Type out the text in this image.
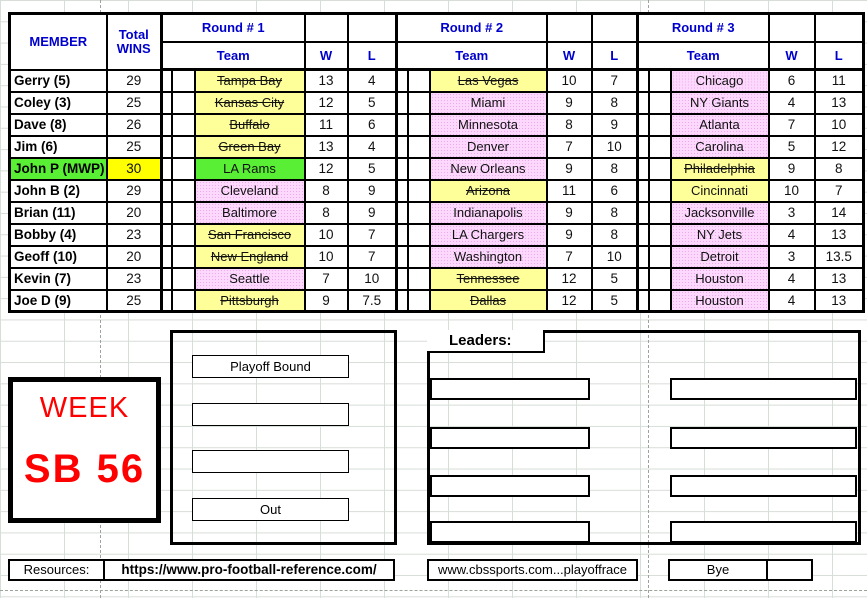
MEMBER	Total
WINS	Round # 1					Round # 2					Round # 3				
		Team			W	L	Team			W	L	Team			W	L
Gerry (5)	29			Tampa Bay	13	4			Las Vegas	10	7			Chicago	6	11
Coley (3)	25			Kansas City	12	5			Miami	9	8			NY Giants	4	13
Dave (8)	26			Buffalo	11	6			Minnesota	8	9			Atlanta	7	10
Jim (6)	25			Green Bay	13	4			Denver	7	10			Carolina	5	12
John P (MWP)	30			LA Rams	12	5			New Orleans	9	8			Philadelphia	9	8
John B (2)	29			Cleveland	8	9			Arizona	11	6			Cincinnati	10	7
Brian (11)	20			Baltimore	8	9			Indianapolis	9	8			Jacksonville	3	14
Bobby (4)	23			San Francisco	10	7			LA Chargers	9	8			NY Jets	4	13
Geoff (10)	20			New England	10	7			Washington	7	10			Detroit	3	13.5
Kevin (7)	23			Seattle	7	10			Tennessee	12	5			Houston	4	13
Joe D (9)	25			Pittsburgh	9	7.5			Dallas	12	5			Houston	4	13
WEEK
SB 56
Playoff Bound
Out
Leaders:
Resources:	https://www.pro-football-reference.com/	www.cbssports.com...playoffrace	Bye
